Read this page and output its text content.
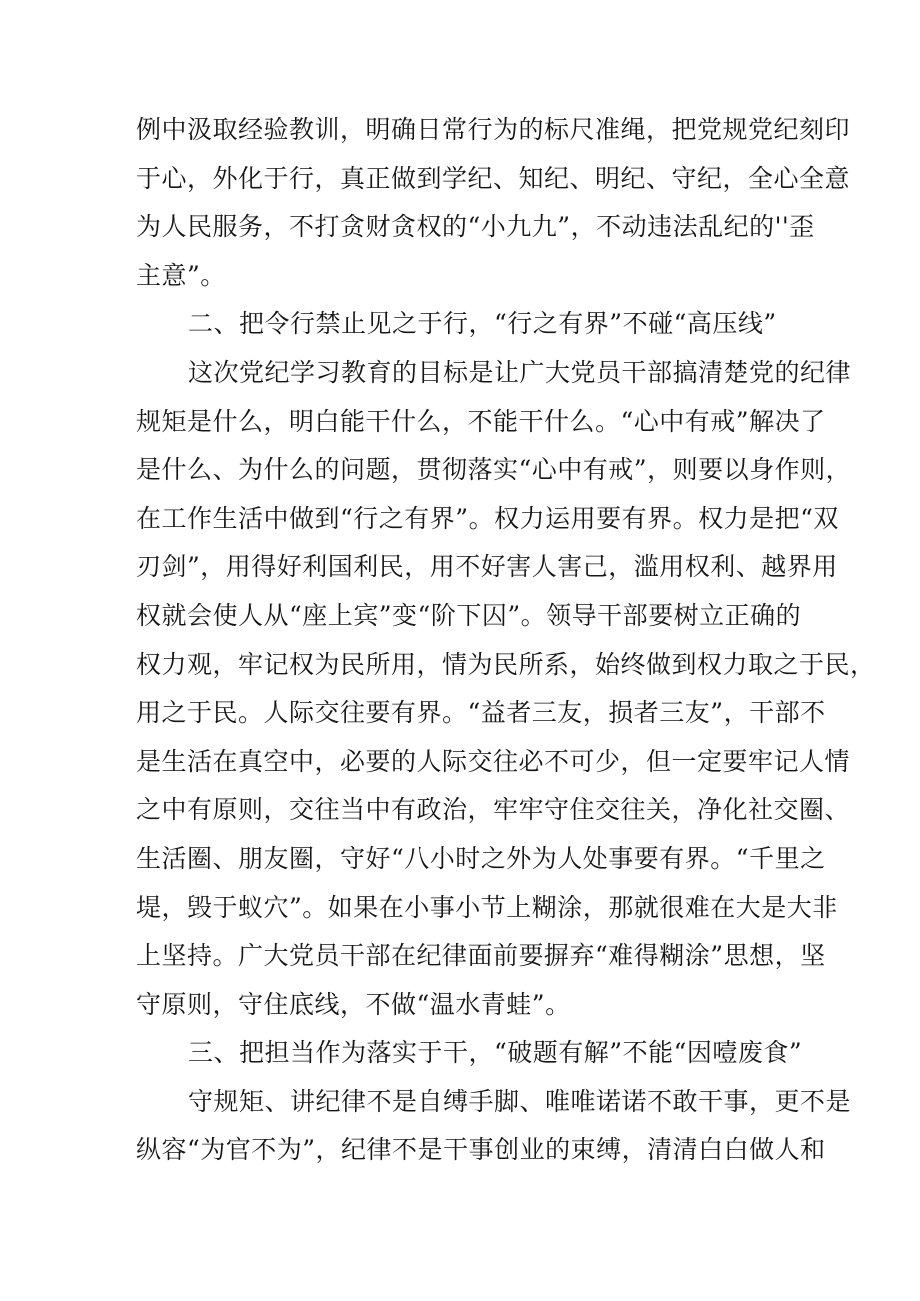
例中汲取经验教训，明确日常行为的标尺准绳，把党规党纪刻印
于心，外化于行，真正做到学纪、知纪、明纪、守纪，全心全意
为人民服务，不打贪财贪权的“小九九”，不动违法乱纪的''歪
主意”。
二、把令行禁止见之于行，“行之有界”不碰“高压线”
这次党纪学习教育的目标是让广大党员干部搞清楚党的纪律
规矩是什么，明白能干什么，不能干什么。“心中有戒”解决了
是什么、为什么的问题，贯彻落实“心中有戒”，则要以身作则，
在工作生活中做到“行之有界”。权力运用要有界。权力是把“双
刃剑”，用得好利国利民，用不好害人害己，滥用权利、越界用
权就会使人从“座上宾”变“阶下囚”。领导干部要树立正确的
权力观，牢记权为民所用，情为民所系，始终做到权力取之于民，
用之于民。人际交往要有界。“益者三友，损者三友”，干部不
是生活在真空中，必要的人际交往必不可少，但一定要牢记人情
之中有原则，交往当中有政治，牢牢守住交往关，净化社交圈、
生活圈、朋友圈，守好“八小时之外为人处事要有界。“千里之
堤，毁于蚁穴”。如果在小事小节上糊涂，那就很难在大是大非
上坚持。广大党员干部在纪律面前要摒弃“难得糊涂”思想，坚
守原则，守住底线，不做“温水青蛙”。
三、把担当作为落实于干，“破题有解”不能“因噎废食”
守规矩、讲纪律不是自缚手脚、唯唯诺诺不敢干事，更不是
纵容“为官不为”，纪律不是干事创业的束缚，清清白白做人和
